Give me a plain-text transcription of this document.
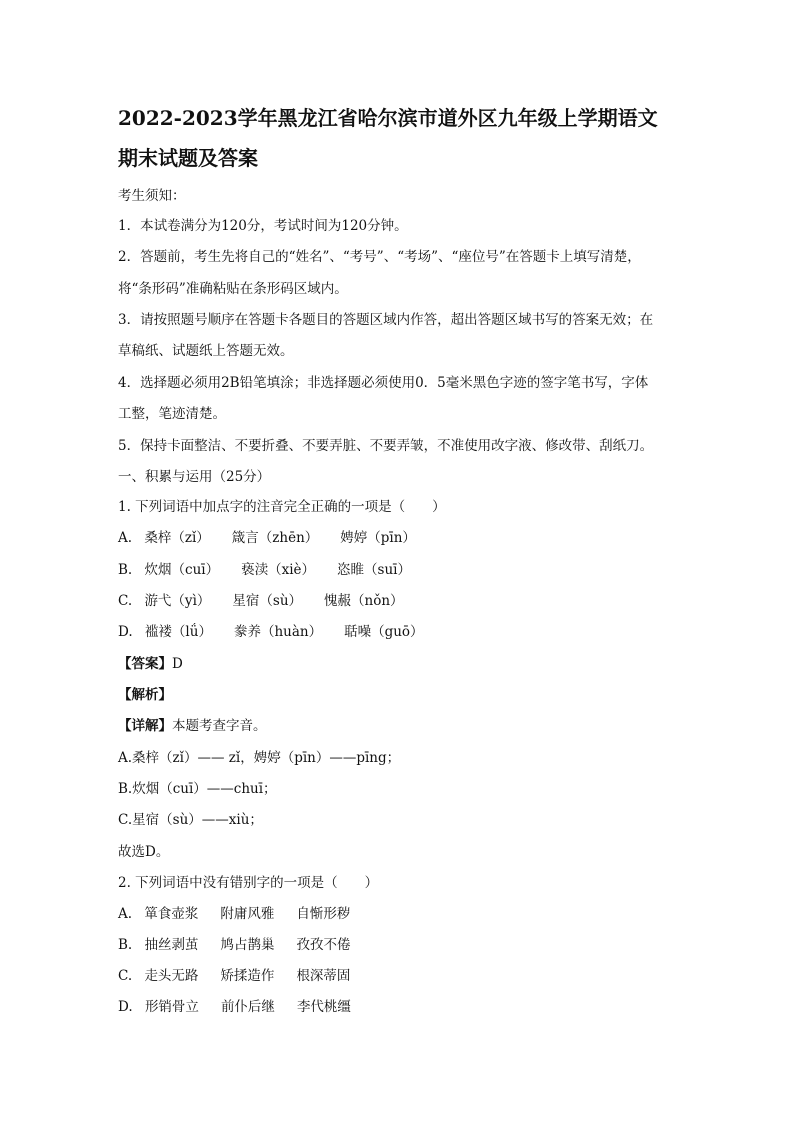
2022-2023学年黑龙江省哈尔滨市道外区九年级上学期语文
期末试题及答案

考生须知：

1．本试卷满分为120分，考试时间为120分钟。

2．答题前，考生先将自己的“姓名”、“考号”、“考场”、“座位号”在答题卡上填写清楚，

将“条形码”准确粘贴在条形码区域内。

3．请按照题号顺序在答题卡各题目的答题区域内作答，超出答题区域书写的答案无效；在

草稿纸、试题纸上答题无效。

4．选择题必须用2B铅笔填涂；非选择题必须使用0．5毫米黑色字迹的签字笔书写，字体

工整，笔迹清楚。

5．保持卡面整洁、不要折叠、不要弄脏、不要弄皱，不准使用改字液、修改带、刮纸刀。

一、积累与运用（25分）

1. 下列词语中加点字的注音完全正确的一项是（　　）

A. 桑梓（zǐ） 箴言（zhēn） 娉婷（pīn）

B. 炊烟（cuī） 亵渎（xiè） 恣睢（suī）

C. 游弋（yì） 星宿（sù） 愧赧（nǒn）

D. 褴褛（lǘ） 豢养（huàn） 聒噪（guō）

【答案】D

【解析】

【详解】本题考查字音。

A.桑梓（zǐ）—— zǐ，娉婷（pīn）——pīng；

B.炊烟（cuī）——chuī；

C.星宿（sù）——xiù；

故选D。

2. 下列词语中没有错别字的一项是（　　）

A. 箪食壶浆 附庸风雅 自惭形秽

B. 抽丝剥茧 鸠占鹊巢 孜孜不倦

C. 走头无路 矫揉造作 根深蒂固

D. 形销骨立 前仆后继 李代桃缰
